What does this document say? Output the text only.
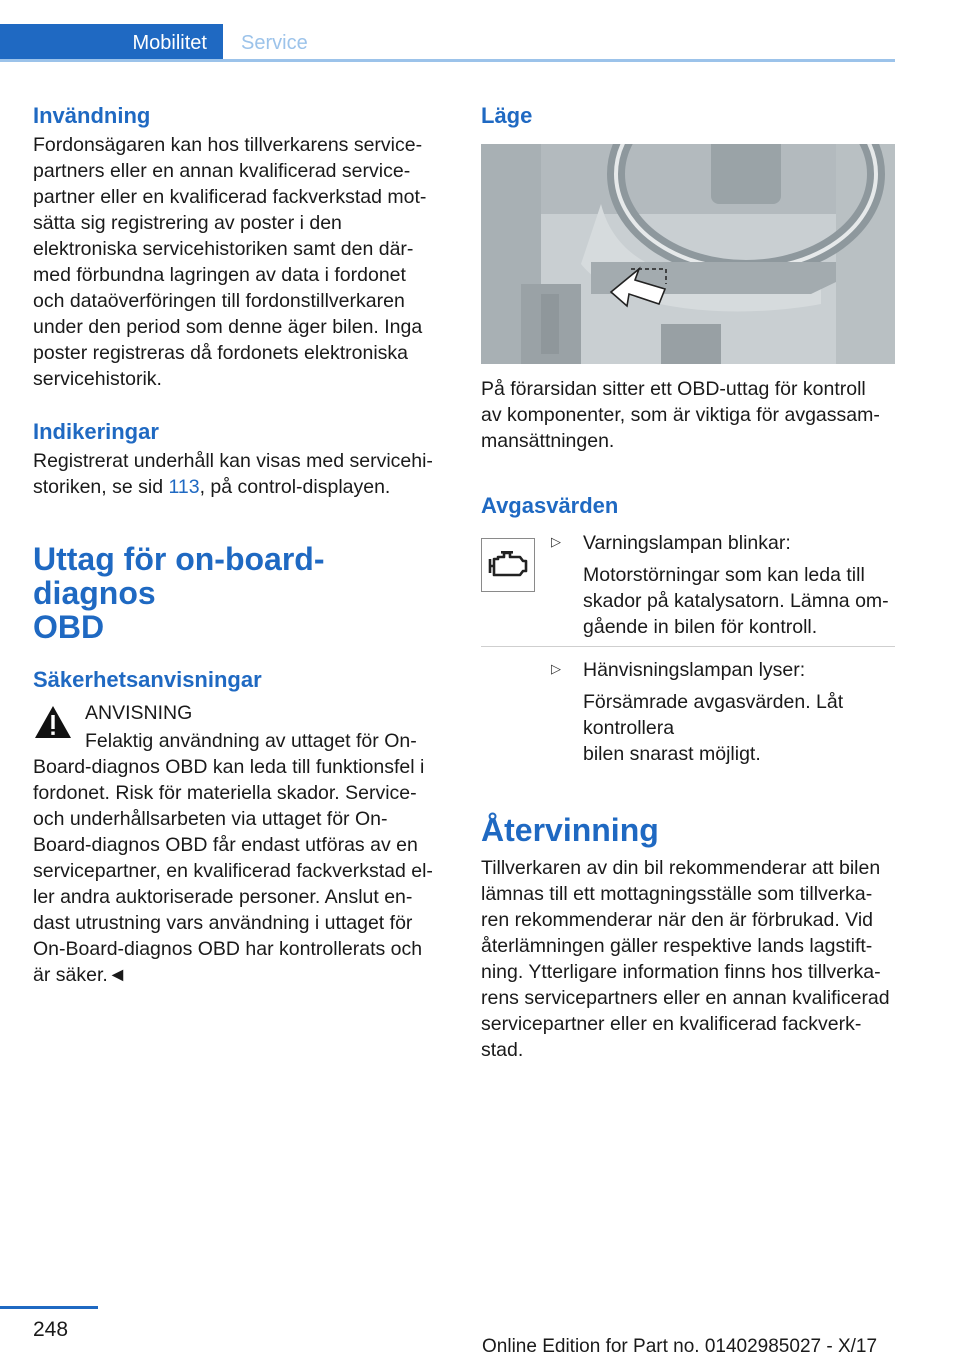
Mobilitet	Service
Invändning
Fordonsägaren kan hos tillverkarens service-
partners eller en annan kvalificerad service-
partner eller en kvalificerad fackverkstad mot-
sätta sig registrering av poster i den
elektroniska servicehistoriken samt den där-
med förbundna lagringen av data i fordonet
och dataöverföringen till fordonstillverkaren
under den period som denne äger bilen. Inga
poster registreras då fordonets elektroniska
servicehistorik.
Indikeringar
Registrerat underhåll kan visas med servicehi-
storiken, se sid 113, på control-displayen.
Uttag för on-board-diagnos
OBD
Säkerhetsanvisningar
ANVISNING
Felaktig användning av uttaget för On-
Board-diagnos OBD kan leda till funktionsfel i
fordonet. Risk för materiella skador. Service-
och underhållsarbeten via uttaget för On-
Board-diagnos OBD får endast utföras av en
servicepartner, en kvalificerad fackverkstad el-
ler andra auktoriserade personer. Anslut en-
dast utrustning vars användning i uttaget för
On-Board-diagnos OBD har kontrollerats och
är säker.◄
Läge
På förarsidan sitter ett OBD-uttag för kontroll
av komponenter, som är viktiga för avgassam-
mansättningen.
Avgasvärden
▷ Varningslampan blinkar:
Motorstörningar som kan leda till
skador på katalysatorn. Lämna om-
gående in bilen för kontroll.
▷ Hänvisningslampan lyser:
Försämrade avgasvärden. Låt kontrollera
bilen snarast möjligt.
Återvinning
Tillverkaren av din bil rekommenderar att bilen
lämnas till ett mottagningsställe som tillverka-
ren rekommenderar när den är förbrukad. Vid
återlämningen gäller respektive lands lagstift-
ning. Ytterligare information finns hos tillverka-
rens servicepartners eller en annan kvalificerad
servicepartner eller en kvalificerad fackverk-
stad.
248
Online Edition for Part no. 01402985027 - X/17
